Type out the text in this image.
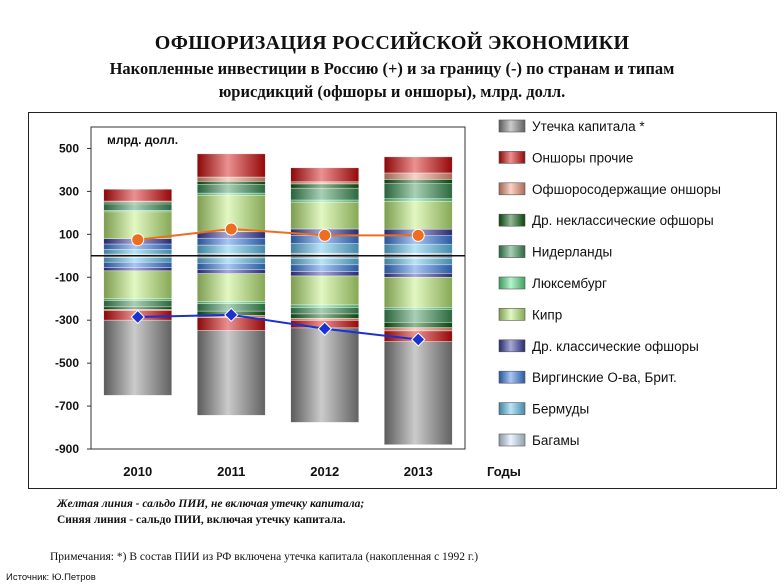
ОФШОРИЗАЦИЯ РОССИЙСКОЙ ЭКОНОМИКИ
Накопленные инвестиции в Россию (+) и за границу (-) по странам и типам
юрисдикций (офшоры и оншоры), млрд. долл.
500
300
100
-100
-300
-500
-700
-900
2010	2011	2012	2013
млрд. долл.
Годы
Утечка капитала *
Оншоры прочие
Офшоросодержащие оншоры
Др. неклассические офшоры
Нидерланды
Люксембург
Кипр
Др. классические офшоры
Виргинские О-ва, Брит.
Бермуды
Багамы
Желтая линия - сальдо ПИИ, не включая утечку капитала;
Синяя линия - сальдо ПИИ, включая утечку капитала.
Примечания: *) В состав ПИИ из РФ включена утечка капитала (накопленная с 1992 г.)
Источник: Ю.Петров
